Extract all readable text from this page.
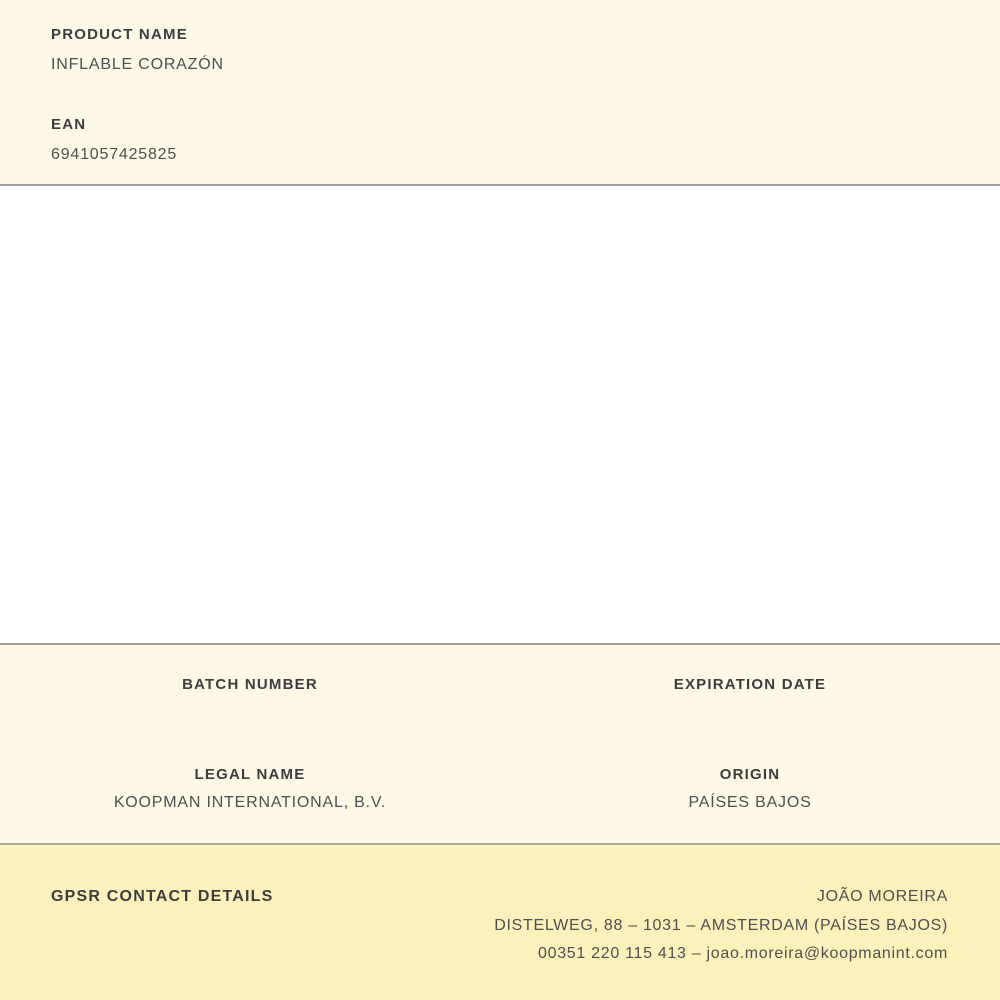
PRODUCT NAME
INFLABLE CORAZÓN
EAN
6941057425825
BATCH NUMBER	EXPIRATION DATE
LEGAL NAME
KOOPMAN INTERNATIONAL, B.V.
ORIGIN
PAÍSES BAJOS
GPSR CONTACT DETAILS	JOÃO MOREIRA
DISTELWEG, 88 – 1031 – AMSTERDAM (PAÍSES BAJOS)
00351 220 115 413 – joao.moreira@koopmanint.com
